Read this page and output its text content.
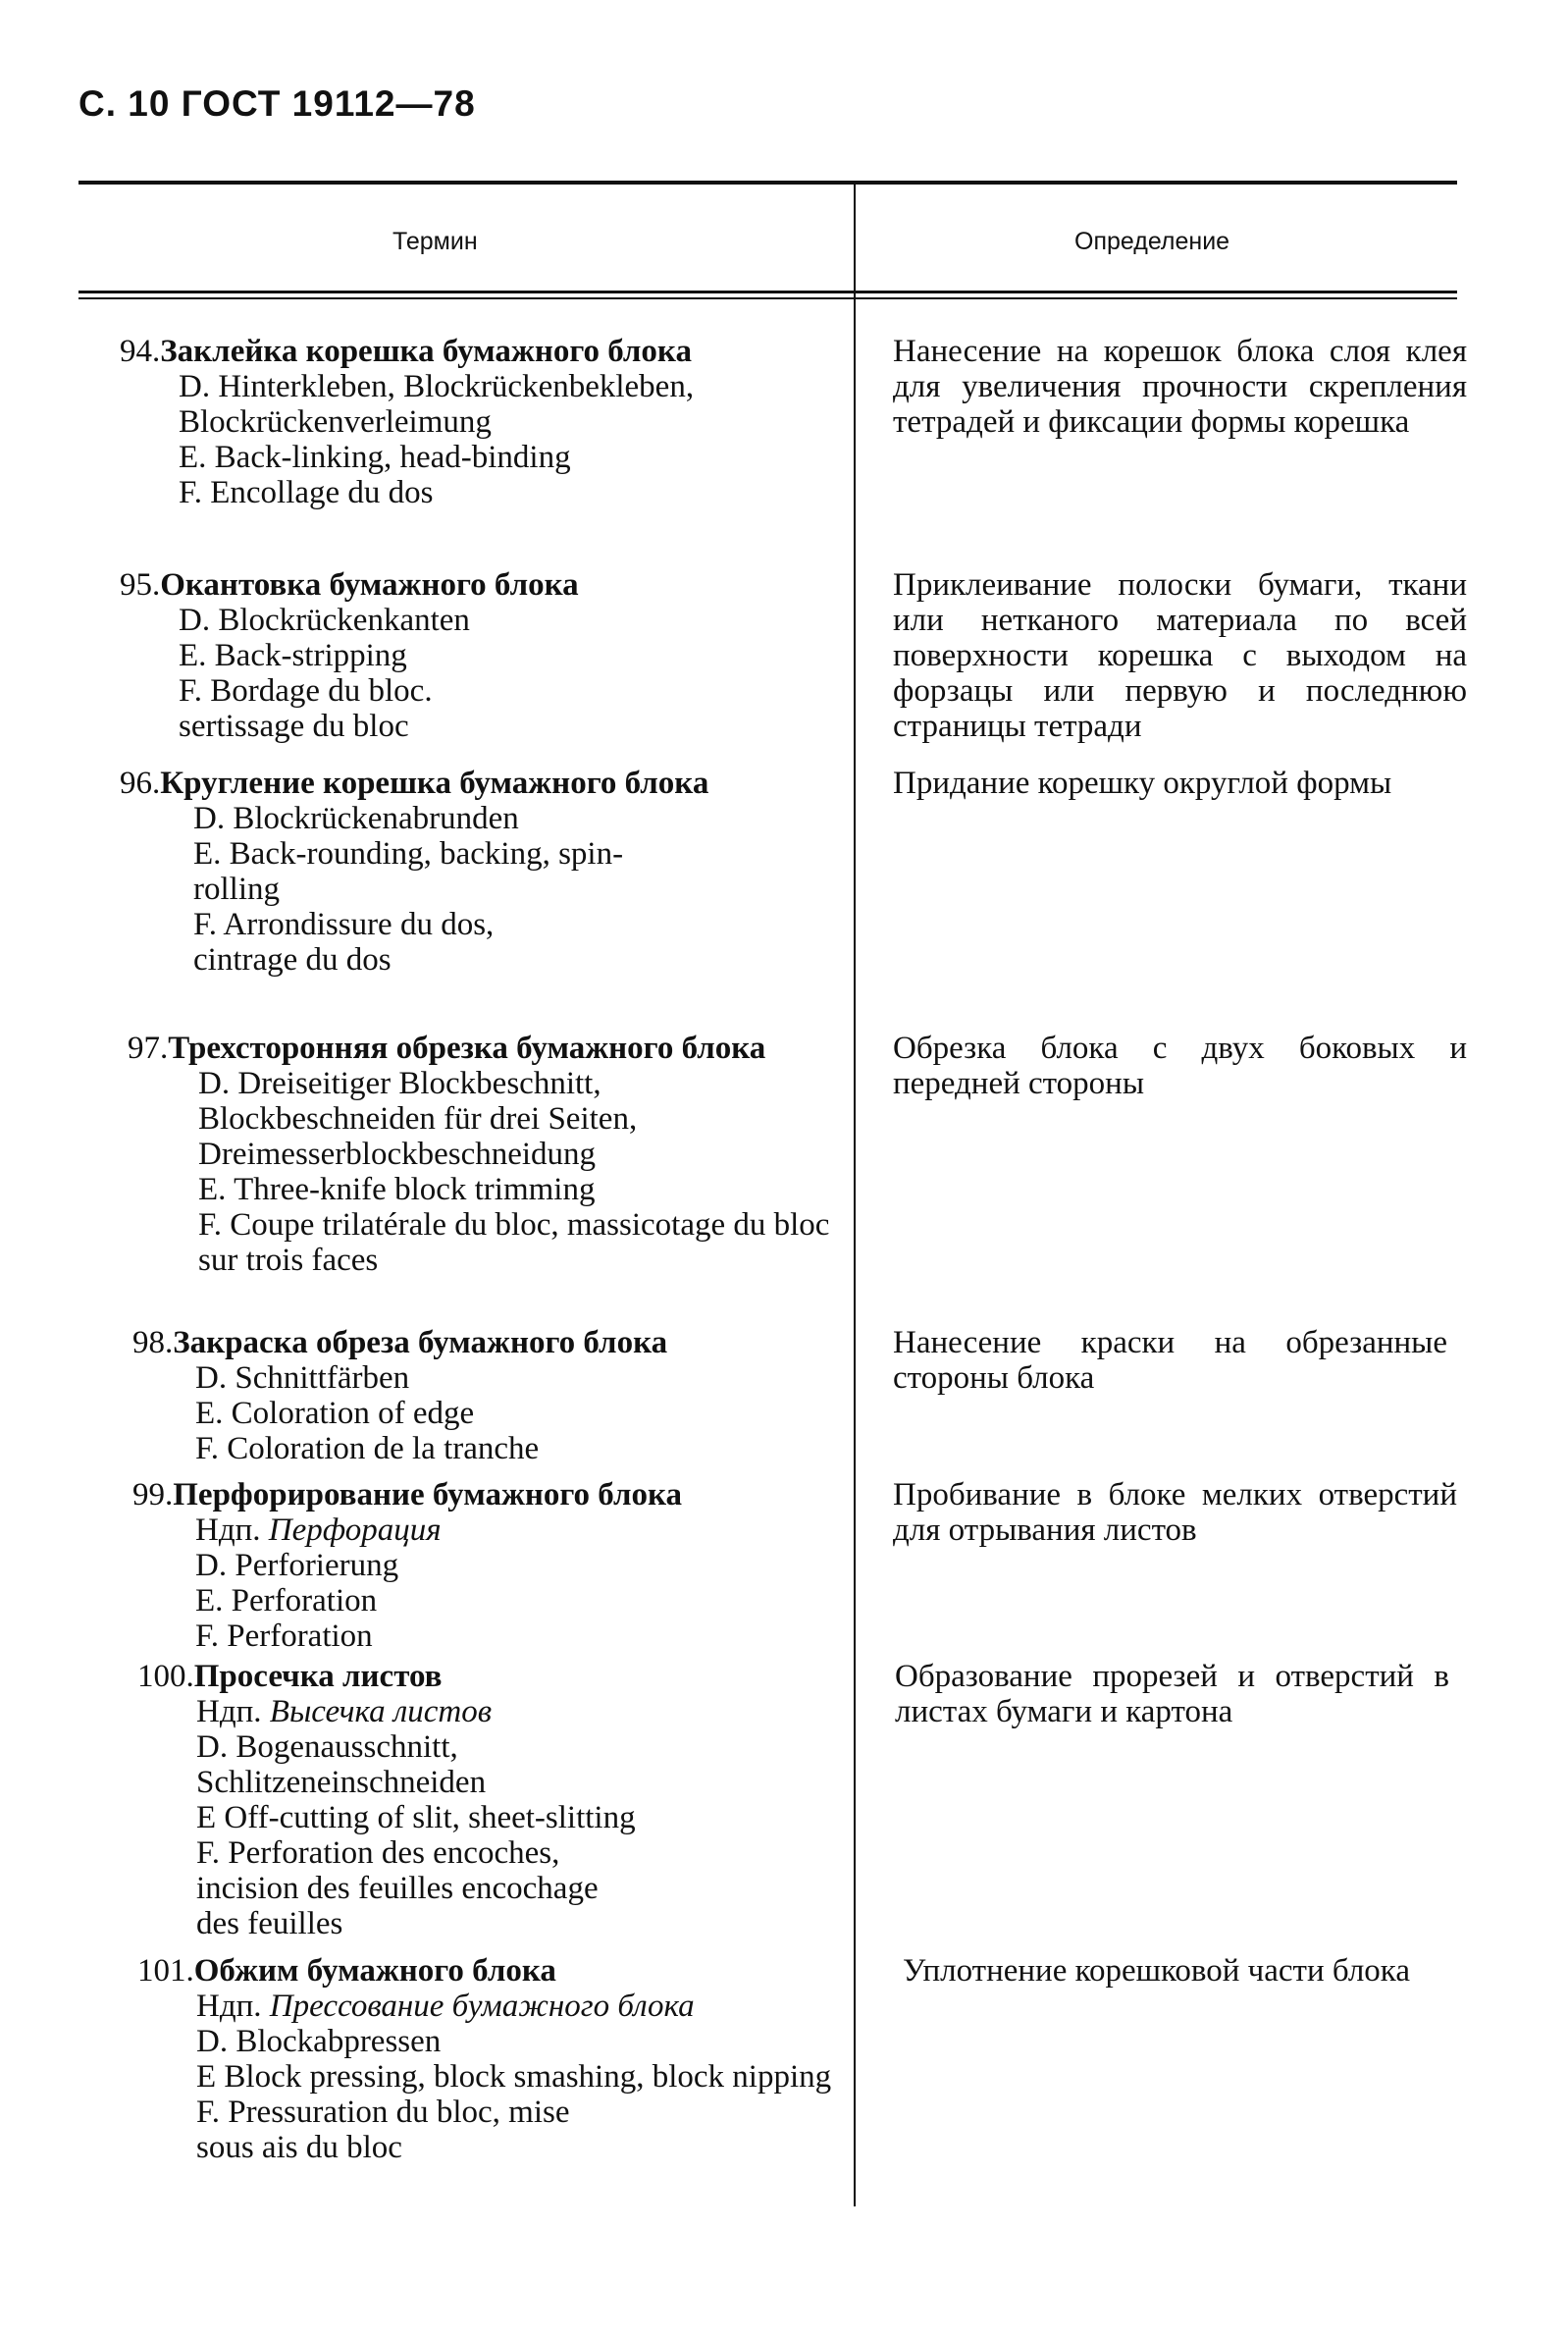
С. 10 ГОСТ 19112—78
Термин	Определение
94. Заклейка корешка бумажного блока
D. Hinterkleben, Blockrückenbekleben, Blockrückenverleimung
E. Back-linking, head-binding
F. Encollage du dos
Нанесение на корешок блока слоя клея для увеличения прочности скрепления тетрадей и фиксации формы корешка
95. Окантовка бумажного блока
D. Blockrückenkanten
E. Back-stripping
F. Bordage du bloc. sertissage du bloc
Приклеивание полоски бумаги, ткани или нетканого материала по всей поверхности корешка с выходом на форзацы или первую и последнюю страницы тетради
96. Кругление корешка бумажного блока
D. Blockrückenabrunden
E. Back-rounding, backing, spin-rolling
F. Arrondissure du dos, cintrage du dos
Придание корешку округлой формы
97. Трехсторонняя обрезка бумажного блока
D. Dreiseitiger Blockbeschnitt, Blockbeschneiden für drei Seiten, Dreimesserblockbeschneidung
E. Three-knife block trimming
F. Coupe trilatérale du bloc, massicotage du bloc sur trois faces
Обрезка блока с двух боковых и передней стороны
98. Закраска обреза бумажного блока
D. Schnittfärben
E. Coloration of edge
F. Coloration de la tranche
Нанесение краски на обрезанные стороны блока
99. Перфорирование бумажного блока
Ндп. Перфорация
D. Perforierung
E. Perforation
F. Perforation
Пробивание в блоке мелких отверстий для отрывания листов
100. Просечка листов
Ндп. Высечка листов
D. Bogenausschnitt, Schlitzeneinschneiden
E Off-cutting of slit, sheet-slitting
F. Perforation des encoches, incision des feuilles encochage des feuilles
Образование прорезей и отверстий в листах бумаги и картона
101. Обжим бумажного блока
Ндп. Прессование бумажного блока
D. Blockabpressen
E Block pressing, block smashing, block nipping
F. Pressuration du bloc, mise sous ais du bloc
Уплотнение корешковой части блока
